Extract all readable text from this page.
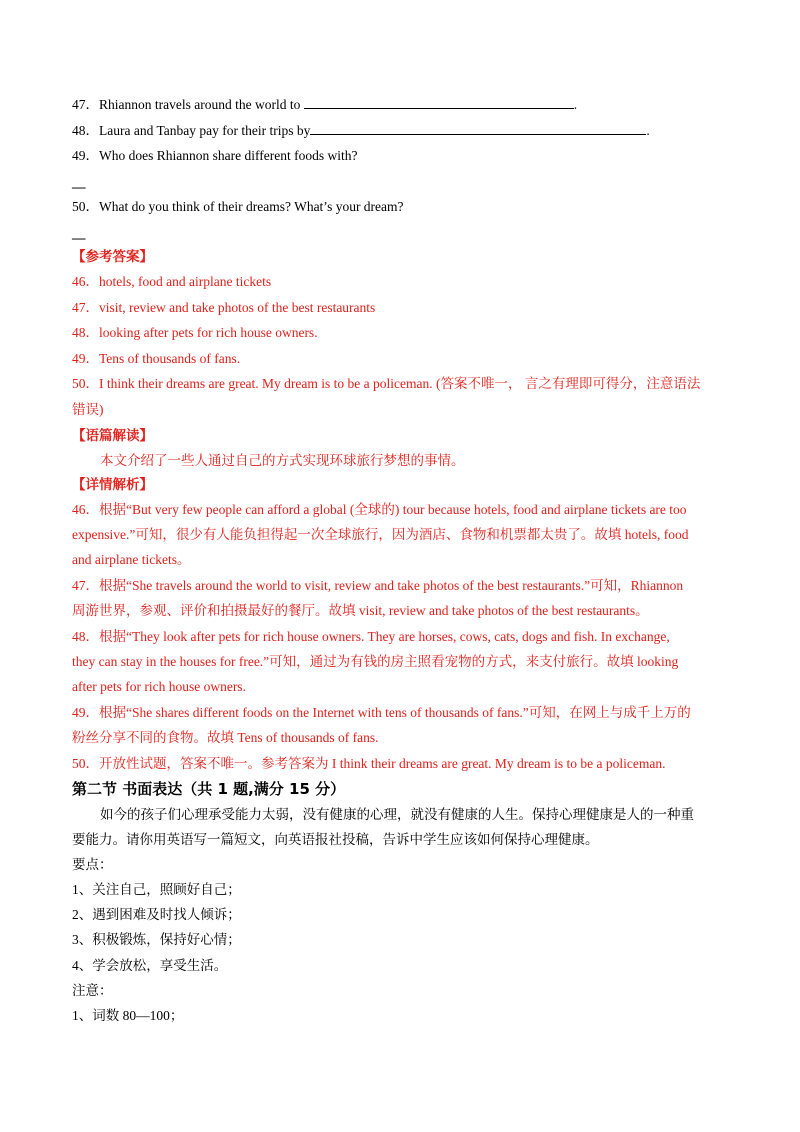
47．Rhiannon travels around the world to	.
48．Laura and Tanbay pay for their trips by	.
49．Who does Rhiannon share different foods with?
—
50．What do you think of their dreams? What’s your dream?
—
【参考答案】
46．hotels, food and airplane tickets
47．visit, review and take photos of the best restaurants
48．looking after pets for rich house owners.
49．Tens of thousands of fans.
50．I think their dreams are great. My dream is to be a policeman. (答案不唯一， 言之有理即可得分，注意语法
错误)
【语篇解读】
本文介绍了一些人通过自己的方式实现环球旅行梦想的事情。
【详情解析】
46．根据“But very few people can afford a global (全球的) tour because hotels, food and airplane tickets are too
expensive.”可知，很少有人能负担得起一次全球旅行，因为酒店、食物和机票都太贵了。故填 hotels, food
and airplane tickets。
47．根据“She travels around the world to visit, review and take photos of the best restaurants.”可知，Rhiannon
周游世界，参观、评价和拍摄最好的餐厅。故填 visit, review and take photos of the best restaurants。
48．根据“They look after pets for rich house owners. They are horses, cows, cats, dogs and fish. In exchange,
they can stay in the houses for free.”可知，通过为有钱的房主照看宠物的方式，来支付旅行。故填 looking
after pets for rich house owners.
49．根据“She shares different foods on the Internet with tens of thousands of fans.”可知，在网上与成千上万的
粉丝分享不同的食物。故填 Tens of thousands of fans.
50．开放性试题，答案不唯一。参考答案为 I think their dreams are great. My dream is to be a policeman.
第二节 书面表达（共 1 题,满分 15 分）
如今的孩子们心理承受能力太弱，没有健康的心理，就没有健康的人生。保持心理健康是人的一种重
要能力。请你用英语写一篇短文，向英语报社投稿，告诉中学生应该如何保持心理健康。
要点：
1、关注自己，照顾好自己；
2、遇到困难及时找人倾诉；
3、积极锻炼，保持好心情；
4、学会放松，享受生活。
注意：
1、词数 80—100；
